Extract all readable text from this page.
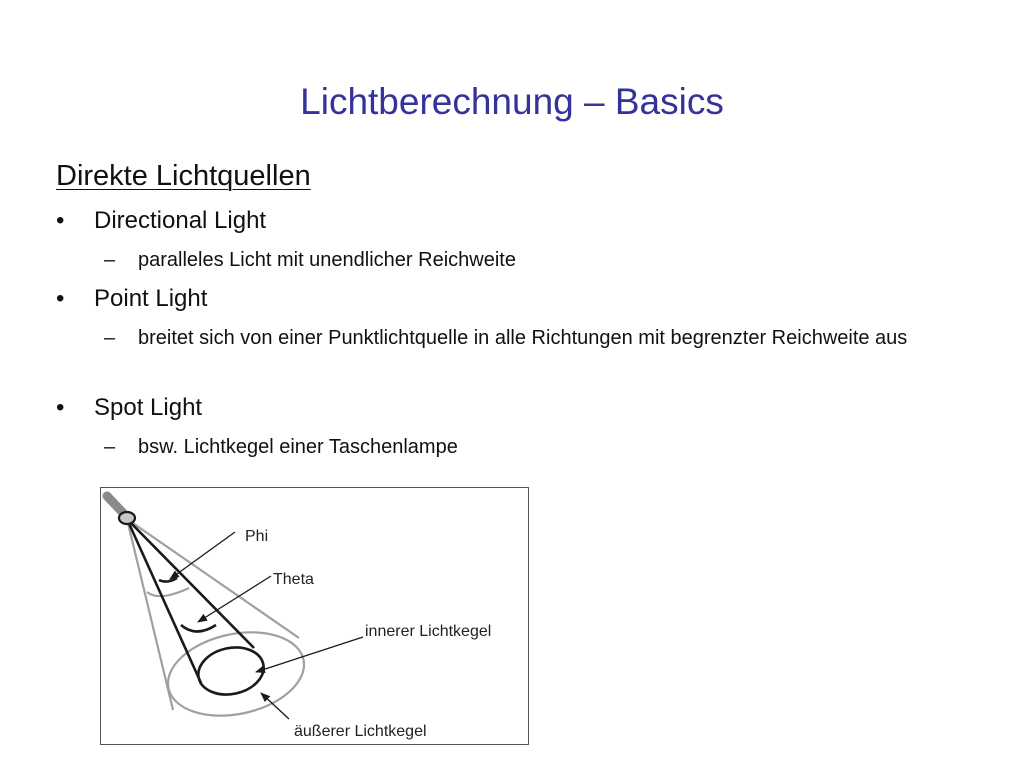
Lichtberechnung – Basics
Direkte Lichtquellen
• Directional Light
– paralleles Licht mit unendlicher Reichweite
• Point Light
– breitet sich von einer Punktlichtquelle in alle Richtungen mit begrenzter Reichweite aus
• Spot Light
– bsw. Lichtkegel einer Taschenlampe
Phi
Theta
innerer Lichtkegel
äußerer Lichtkegel
